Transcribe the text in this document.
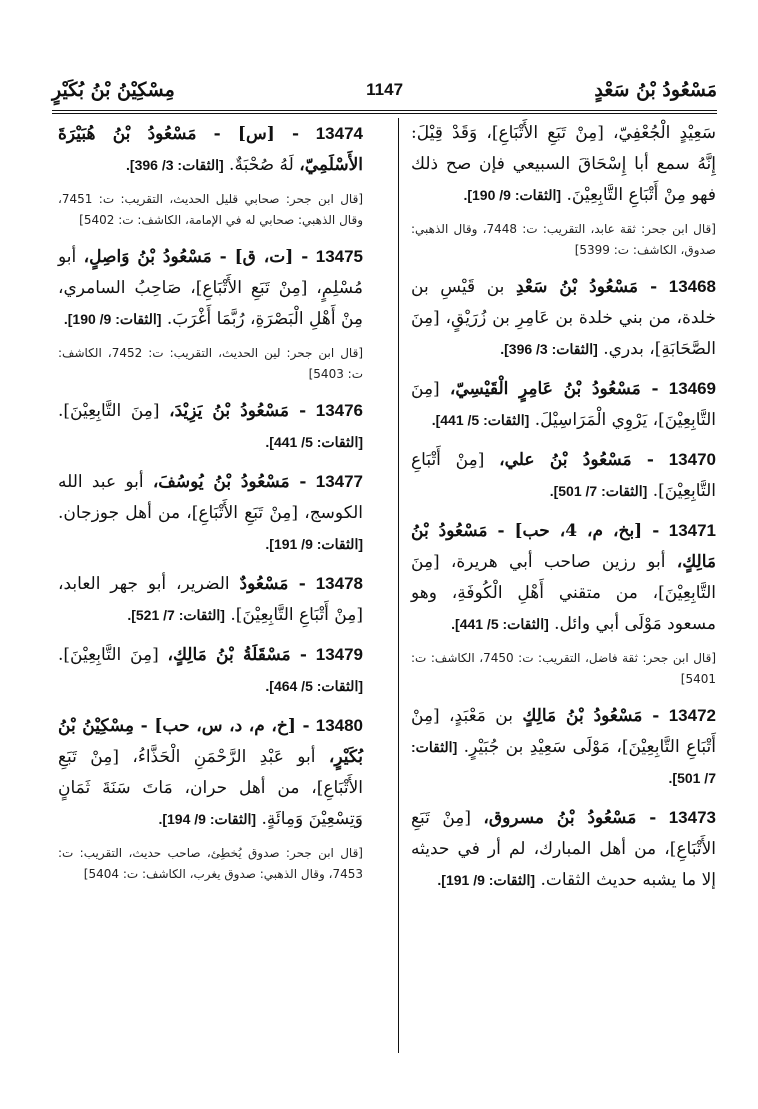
مَسْعُودُ بْنُ سَعْدٍ
1147
مِسْكِيْنُ بْنُ بُكَيْرٍ
سَعِيْدٍ الْجُعْفِيّ، [مِنْ تَبَعِ الأَتْبَاعِ]، وَقَدْ قِيْلَ: إِنَّهُ سمع أبا إِسْحَاقَ السبيعي فإن صح ذلك فهو مِنْ أَتْبَاعِ التَّابِعِيْنَ. [الثقات: 9/ 190].
[قال ابن جحر: ثقة عابد، التقريب: ت: 7448، وقال الذهبي: صدوق، الكاشف: ت: 5399]
13468 - مَسْعُودُ بْنُ سَعْدِ بن قَيْسِ بن خلدة، من بني خلدة بن عَامِرِ بن زُرَيْقٍ، [مِنَ الصَّحَابَةِ]، بدري. [الثقات: 3/ 396].
13469 - مَسْعُودُ بْنُ عَامِرٍ الْقَيْسِيّ، [مِنَ التَّابِعِيْنَ]، يَرْوِي الْمَرَاسِيْلَ. [الثقات: 5/ 441].
13470 - مَسْعُودُ بْنُ علي، [مِنْ أَتْبَاعِ التَّابِعِيْنَ]. [الثقات: 7/ 501].
13471 - [بخ، م، 4، حب] - مَسْعُودُ بْنُ مَالِكٍ، أبو رزين صاحب أبي هريرة، [مِنَ التَّابِعِيْنَ]، من متقني أَهْلِ الْكُوفَةِ، وهو مسعود مَوْلَى أبي وائل. [الثقات: 5/ 441].
[قال ابن جحر: ثقة فاضل، التقريب: ت: 7450، الكاشف: ت: 5401]
13472 - مَسْعُودُ بْنُ مَالِكٍ بن مَعْبَدٍ، [مِنْ أَتْبَاعِ التَّابِعِيْنَ]، مَوْلَى سَعِيْدِ بن جُبَيْرٍ. [الثقات: 7/ 501].
13473 - مَسْعُودُ بْنُ مسروق، [مِنْ تَبَعِ الأَتْبَاعِ]، من أهل المبارك، لم أر في حديثه إلا ما يشبه حديث الثقات. [الثقات: 9/ 191].
13474 - [س] - مَسْعُودُ بْنُ هُبَيْرَةَ الأَسْلَمِيّ، لَهُ صُحْبَةٌ. [الثقات: 3/ 396].
[قال ابن جحر: صحابي قليل الحديث، التقريب: ت: 7451، وقال الذهبي: صحابي له في الإمامة، الكاشف: ت: 5402]
13475 - [ت، ق] - مَسْعُودُ بْنُ وَاصِلٍ، أبو مُسْلِمٍ، [مِنْ تَبَعِ الأَتْبَاعِ]، صَاحِبُ السامري، مِنْ أَهْلِ الْبَصْرَةِ، رُبَّمَا أَغْرَبَ. [الثقات: 9/ 190].
[قال ابن جحر: لين الحديث، التقريب: ت: 7452، الكاشف: ت: 5403]
13476 - مَسْعُودُ بْنُ يَزِيْدَ، [مِنَ التَّابِعِيْنَ]. [الثقات: 5/ 441].
13477 - مَسْعُودُ بْنُ يُوسُفَ، أبو عبد الله الكوسج، [مِنْ تَبَعِ الأَتْبَاعِ]، من أهل جوزجان. [الثقات: 9/ 191].
13478 - مَسْعُودٌ الضرير، أبو جهر العابد، [مِنْ أَتْبَاعِ التَّابِعِيْنَ]. [الثقات: 7/ 521].
13479 - مَسْقَلَةُ بْنُ مَالِكٍ، [مِنَ التَّابِعِيْنَ]. [الثقات: 5/ 464].
13480 - [خ، م، د، س، حب] - مِسْكِيْنُ بْنُ بُكَيْرٍ، أبو عَبْدِ الرَّحْمَنِ الْحَذَّاءُ، [مِنْ تَبَعِ الأَتْبَاعِ]، من أهل حران، مَاتَ سَنَةَ ثَمَانٍ وَتِسْعِيْنَ وَمِائَةٍ. [الثقات: 9/ 194].
[قال ابن جحر: صدوق يُخطِئ، صاحب حديث، التقريب: ت: 7453، وقال الذهبي: صدوق يغرب، الكاشف: ت: 5404]
